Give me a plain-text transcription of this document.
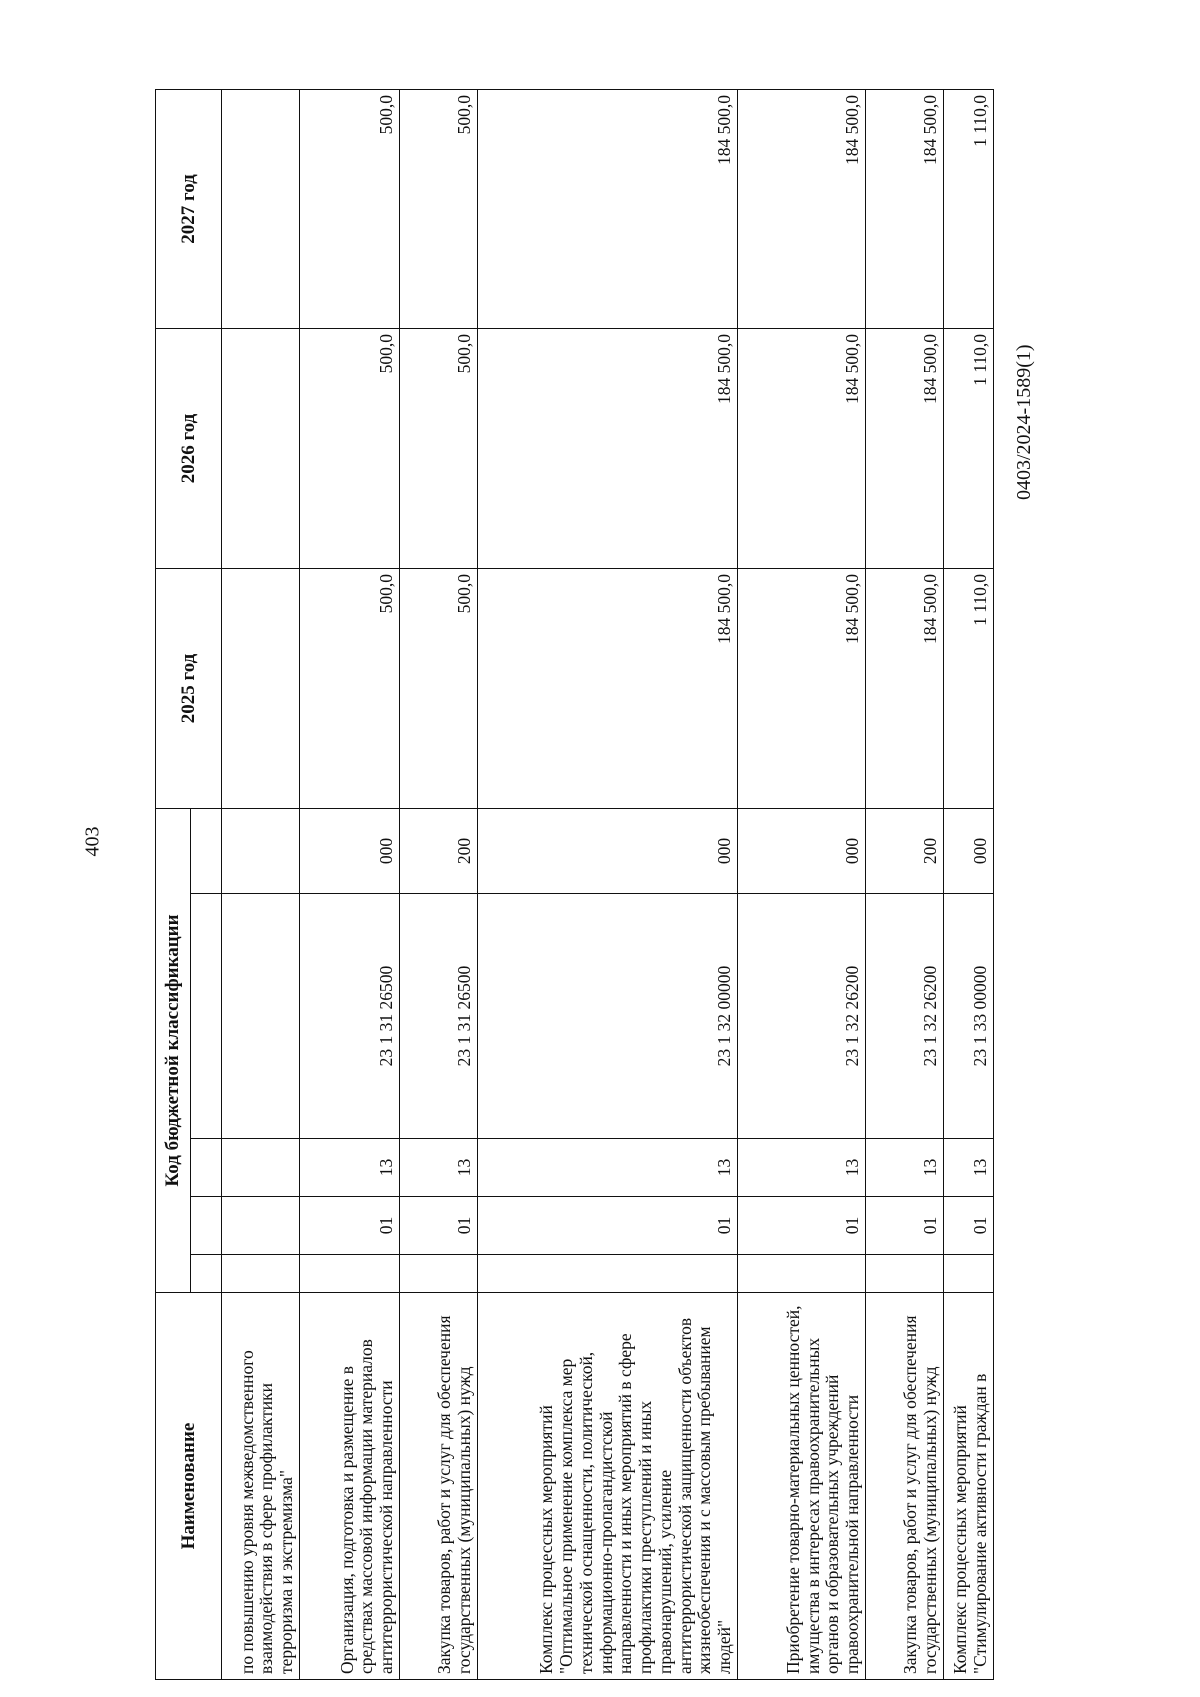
403
0403/2024-1589(1)
Наименование	Код бюджетной классификации					2025 год	2026 год	2027 год

по повышению уровня межведомственного взаимодействия в сфере профилактики терроризма и экстремизма"								
Организация, подготовка и размещение в средствах массовой информации материалов антитеррористической направленности		01	13	23 1 31 26500	000	500,0	500,0	500,0
Закупка товаров, работ и услуг для обеспечения государственных (муниципальных) нужд		01	13	23 1 31 26500	200	500,0	500,0	500,0
Комплекс процессных мероприятий "Оптимальное применение комплекса мер технической оснащенности, политической, информационно-пропагандистской направленности и иных мероприятий в сфере профилактики преступлений и иных правонарушений, усиление антитеррористической защищенности объектов жизнеобеспечения и с массовым пребыванием людей"		01	13	23 1 32 00000	000	184 500,0	184 500,0	184 500,0
Приобретение товарно-материальных ценностей, имущества в интересах правоохранительных органов и образовательных учреждений правоохранительной направленности		01	13	23 1 32 26200	000	184 500,0	184 500,0	184 500,0
Закупка товаров, работ и услуг для обеспечения государственных (муниципальных) нужд		01	13	23 1 32 26200	200	184 500,0	184 500,0	184 500,0
Комплекс процессных мероприятий "Стимулирование активности граждан в		01	13	23 1 33 00000	000	1 110,0	1 110,0	1 110,0
